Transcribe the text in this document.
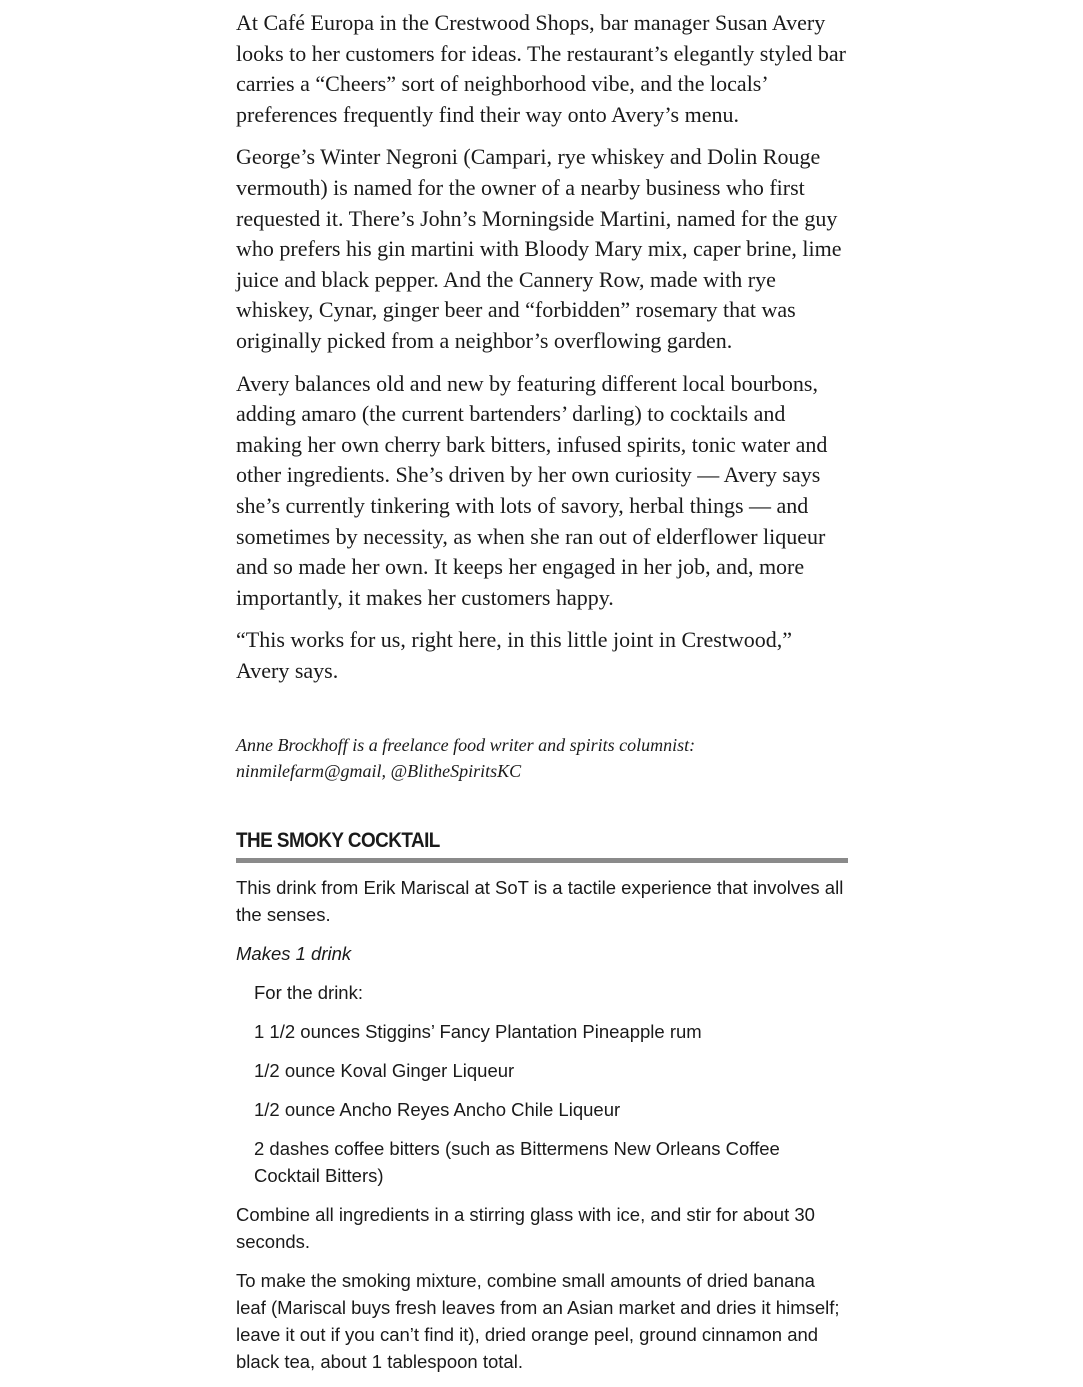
At Café Europa in the Crestwood Shops, bar manager Susan Avery looks to her customers for ideas. The restaurant’s elegantly styled bar carries a “Cheers” sort of neighborhood vibe, and the locals’ preferences frequently find their way onto Avery’s menu.

George’s Winter Negroni (Campari, rye whiskey and Dolin Rouge vermouth) is named for the owner of a nearby business who first requested it. There’s John’s Morningside Martini, named for the guy who prefers his gin martini with Bloody Mary mix, caper brine, lime juice and black pepper. And the Cannery Row, made with rye whiskey, Cynar, ginger beer and “forbidden” rosemary that was originally picked from a neighbor’s overflowing garden.

Avery balances old and new by featuring different local bourbons, adding amaro (the current bartenders’ darling) to cocktails and making her own cherry bark bitters, infused spirits, tonic water and other ingredients. She’s driven by her own curiosity — Avery says she’s currently tinkering with lots of savory, herbal things — and sometimes by necessity, as when she ran out of elderflower liqueur and so made her own. It keeps her engaged in her job, and, more importantly, it makes her customers happy.

“This works for us, right here, in this little joint in Crestwood,” Avery says.

Anne Brockhoff is a freelance food writer and spirits columnist:

ninmilefarm@gmail, @BlitheSpiritsKC

THE SMOKY COCKTAIL

This drink from Erik Mariscal at SoT is a tactile experience that involves all the senses.

Makes 1 drink

For the drink:
1 1/2 ounces Stiggins’ Fancy Plantation Pineapple rum
1/2 ounce Koval Ginger Liqueur
1/2 ounce Ancho Reyes Ancho Chile Liqueur
2 dashes coffee bitters (such as Bittermens New Orleans Coffee Cocktail Bitters)

Combine all ingredients in a stirring glass with ice, and stir for about 30 seconds.

To make the smoking mixture, combine small amounts of dried banana leaf (Mariscal buys fresh leaves from an Asian market and dries it himself; leave it out if you can’t find it), dried orange peel, ground cinnamon and black tea, about 1 tablespoon total.
